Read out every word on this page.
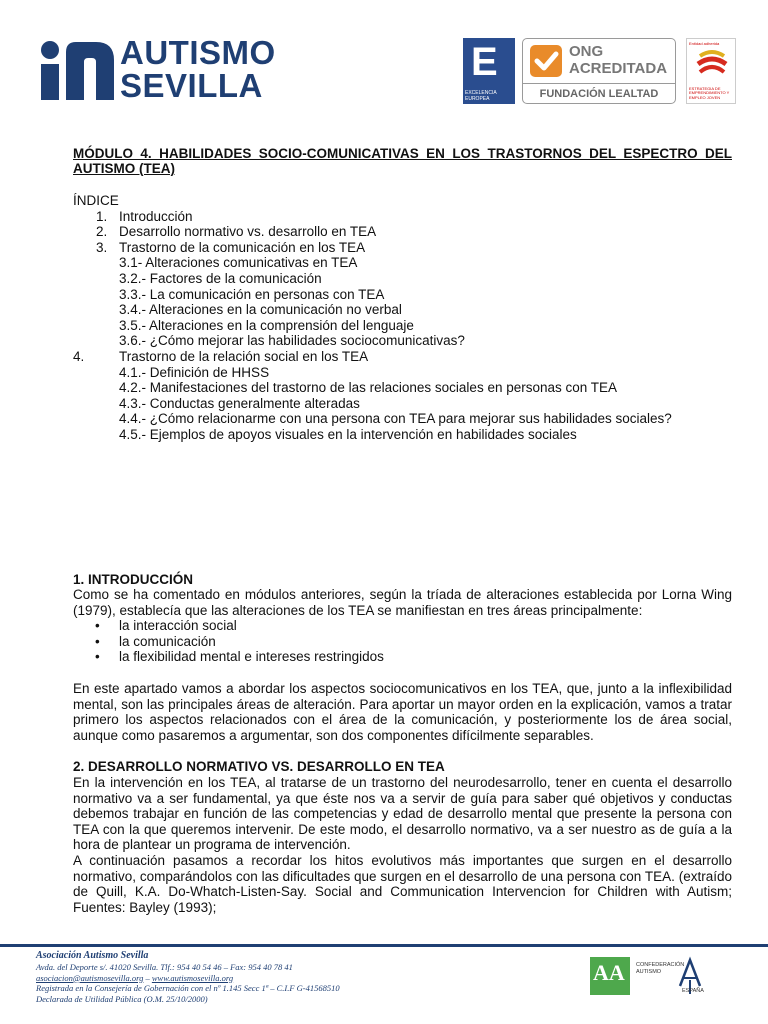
AUTISMO
SEVILLA
E
EXCELENCIA EUROPEA
ONG
ACREDITADA
FUNDACIÓN LEALTAD
Entidad adherida
ESTRATEGIA DE EMPRENDIMIENTO Y EMPLEO JOVEN

MÓDULO 4. HABILIDADES SOCIO-COMUNICATIVAS EN LOS TRASTORNOS DEL ESPECTRO DEL AUTISMO (TEA)

ÍNDICE
1. Introducción
2. Desarrollo normativo vs. desarrollo en TEA
3. Trastorno de la comunicación en los TEA
3.1- Alteraciones comunicativas en TEA
3.2.- Factores de la comunicación
3.3.- La comunicación en personas con TEA
3.4.- Alteraciones en la comunicación no verbal
3.5.- Alteraciones en la comprensión del lenguaje
3.6.- ¿Cómo mejorar las habilidades sociocomunicativas?
4.	Trastorno de la relación social en los TEA
4.1.- Definición de HHSS
4.2.- Manifestaciones del trastorno de las relaciones sociales en personas con TEA
4.3.- Conductas generalmente alteradas
4.4.- ¿Cómo relacionarme con una persona con TEA para mejorar sus habilidades sociales?
4.5.- Ejemplos de apoyos visuales en la intervención en habilidades sociales

1. INTRODUCCIÓN

Como se ha comentado en módulos anteriores, según la tríada de alteraciones establecida por Lorna Wing (1979), establecía que las alteraciones de los TEA se manifiestan en tres áreas principalmente:

• la interacción social
• la comunicación
• la flexibilidad mental e intereses restringidos

En este apartado vamos a abordar los aspectos sociocomunicativos en los TEA, que, junto a la inflexibilidad mental, son las principales áreas de alteración. Para aportar un mayor orden en la explicación, vamos a tratar primero los aspectos relacionados con el área de la comunicación, y posteriormente los de área social, aunque como pasaremos a argumentar, son dos componentes difícilmente separables.

2. DESARROLLO NORMATIVO VS. DESARROLLO EN TEA

En la intervención en los TEA, al tratarse de un trastorno del neurodesarrollo, tener en cuenta el desarrollo normativo va a ser fundamental, ya que éste nos va a servir de guía para saber qué objetivos y conductas debemos trabajar en función de las competencias y edad de desarrollo mental que presente la persona con TEA con la que queremos intervenir. De este modo, el desarrollo normativo, va a ser nuestro as de guía a la hora de plantear un programa de intervención.

A continuación pasamos a recordar los hitos evolutivos más importantes que surgen en el desarrollo normativo, comparándolos con las dificultades que surgen en el desarrollo de una persona con TEA. (extraído de Quill, K.A. Do-Whatch-Listen-Say. Social and Communication Intervencion for Children with Autism; Fuentes: Bayley (1993);

Asociación Autismo Sevilla
Avda. del Deporte s/. 41020 Sevilla. Tlf.: 954 40 54 46 – Fax: 954 40 78 41
asociacion@autismosevilla.org – www.autismosevilla.org
Registrada en la Consejería de Gobernación con el nº 1.145 Secc 1ª – C.I.F G-41568510
Declarada de Utilidad Pública (O.M. 25/10/2000)
AA CONFEDERACIÓN
AUTISMO
ESPAÑA
